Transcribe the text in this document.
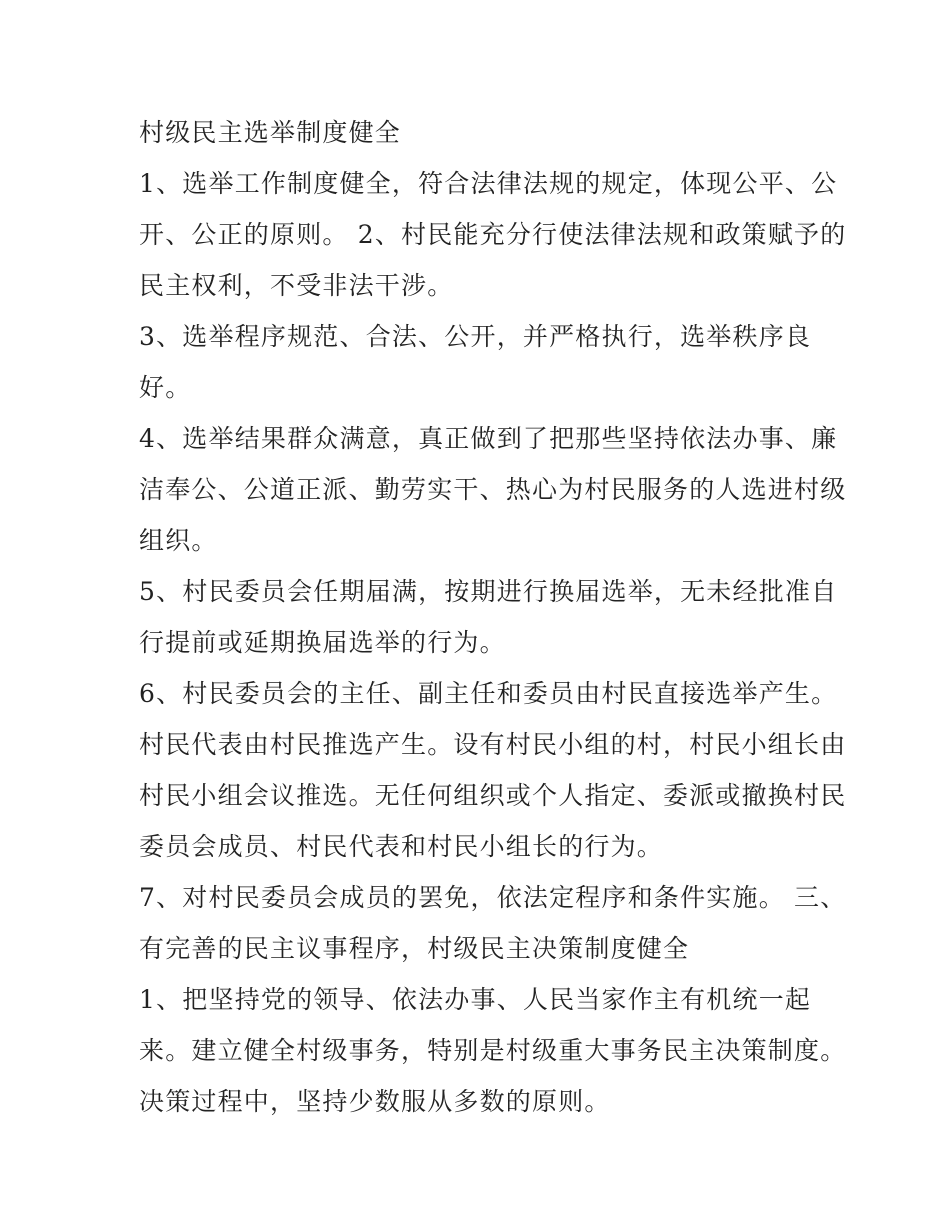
村级民主选举制度健全
1、选举工作制度健全，符合法律法规的规定，体现公平、公
开、公正的原则。 2、村民能充分行使法律法规和政策赋予的
民主权利，不受非法干涉。
3、选举程序规范、合法、公开，并严格执行，选举秩序良
好。
4、选举结果群众满意，真正做到了把那些坚持依法办事、廉
洁奉公、公道正派、勤劳实干、热心为村民服务的人选进村级
组织。
5、村民委员会任期届满，按期进行换届选举，无未经批准自
行提前或延期换届选举的行为。
6、村民委员会的主任、副主任和委员由村民直接选举产生。
村民代表由村民推选产生。设有村民小组的村，村民小组长由
村民小组会议推选。无任何组织或个人指定、委派或撤换村民
委员会成员、村民代表和村民小组长的行为。
7、对村民委员会成员的罢免，依法定程序和条件实施。 三、
有完善的民主议事程序，村级民主决策制度健全
1、把坚持党的领导、依法办事、人民当家作主有机统一起
来。建立健全村级事务，特别是村级重大事务民主决策制度。
决策过程中，坚持少数服从多数的原则。
